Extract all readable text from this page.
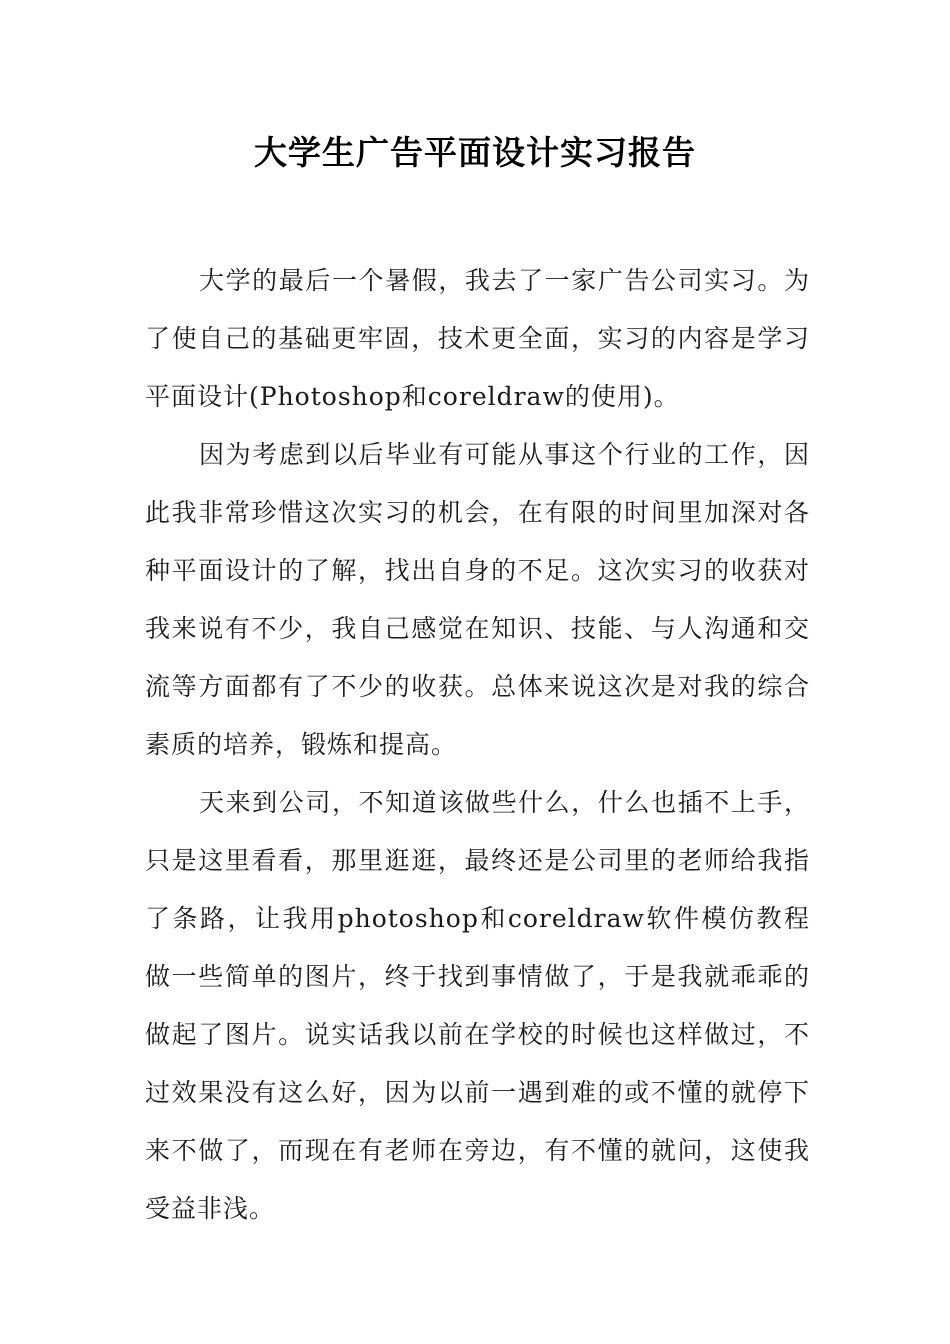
大学生广告平面设计实习报告

大学的最后一个暑假，我去了一家广告公司实习。为了使自己的基础更牢固，技术更全面，实习的内容是学习平面设计(Photoshop和coreldraw的使用)。

因为考虑到以后毕业有可能从事这个行业的工作，因此我非常珍惜这次实习的机会，在有限的时间里加深对各种平面设计的了解，找出自身的不足。这次实习的收获对我来说有不少，我自己感觉在知识、技能、与人沟通和交流等方面都有了不少的收获。总体来说这次是对我的综合素质的培养，锻炼和提高。

天来到公司，不知道该做些什么，什么也插不上手，只是这里看看，那里逛逛，最终还是公司里的老师给我指了条路，让我用photoshop和coreldraw软件模仿教程做一些简单的图片，终于找到事情做了，于是我就乖乖的做起了图片。说实话我以前在学校的时候也这样做过，不过效果没有这么好，因为以前一遇到难的或不懂的就停下来不做了，而现在有老师在旁边，有不懂的就问，这使我受益非浅。
